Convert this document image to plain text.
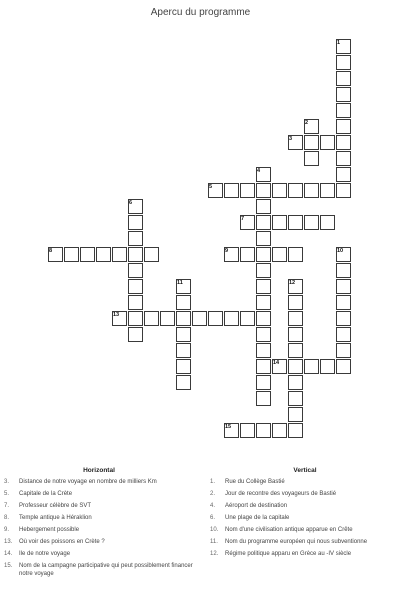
Apercu du programme
1
2
3
4
5
6
7
8	9	10
11	12
13
14
15
Horizontal
3.	Distance de notre voyage en nombre de milliers Km
5.	Capitale de la Crète
7.	Professeur célèbre de SVT
8.	Temple antique à Héraklion
9.	Hebergement possible
13.	Où voir des poissons en Crète ?
14.	Ile de notre voyage
15.	Nom de la campagne participative qui peut possiblement financer notre voyage
Vertical
1.	Rue du Collège Bastié
2.	Jour de recontre des voyageurs de Bastié
4.	Aéroport de destination
6.	Une plage de la capitale
10.	Nom d'une civilisation antique apparue en Crête
11.	Nom du programme européen qui nous subventionne
12.	Régime politique apparu en Grèce au -IV siècle
